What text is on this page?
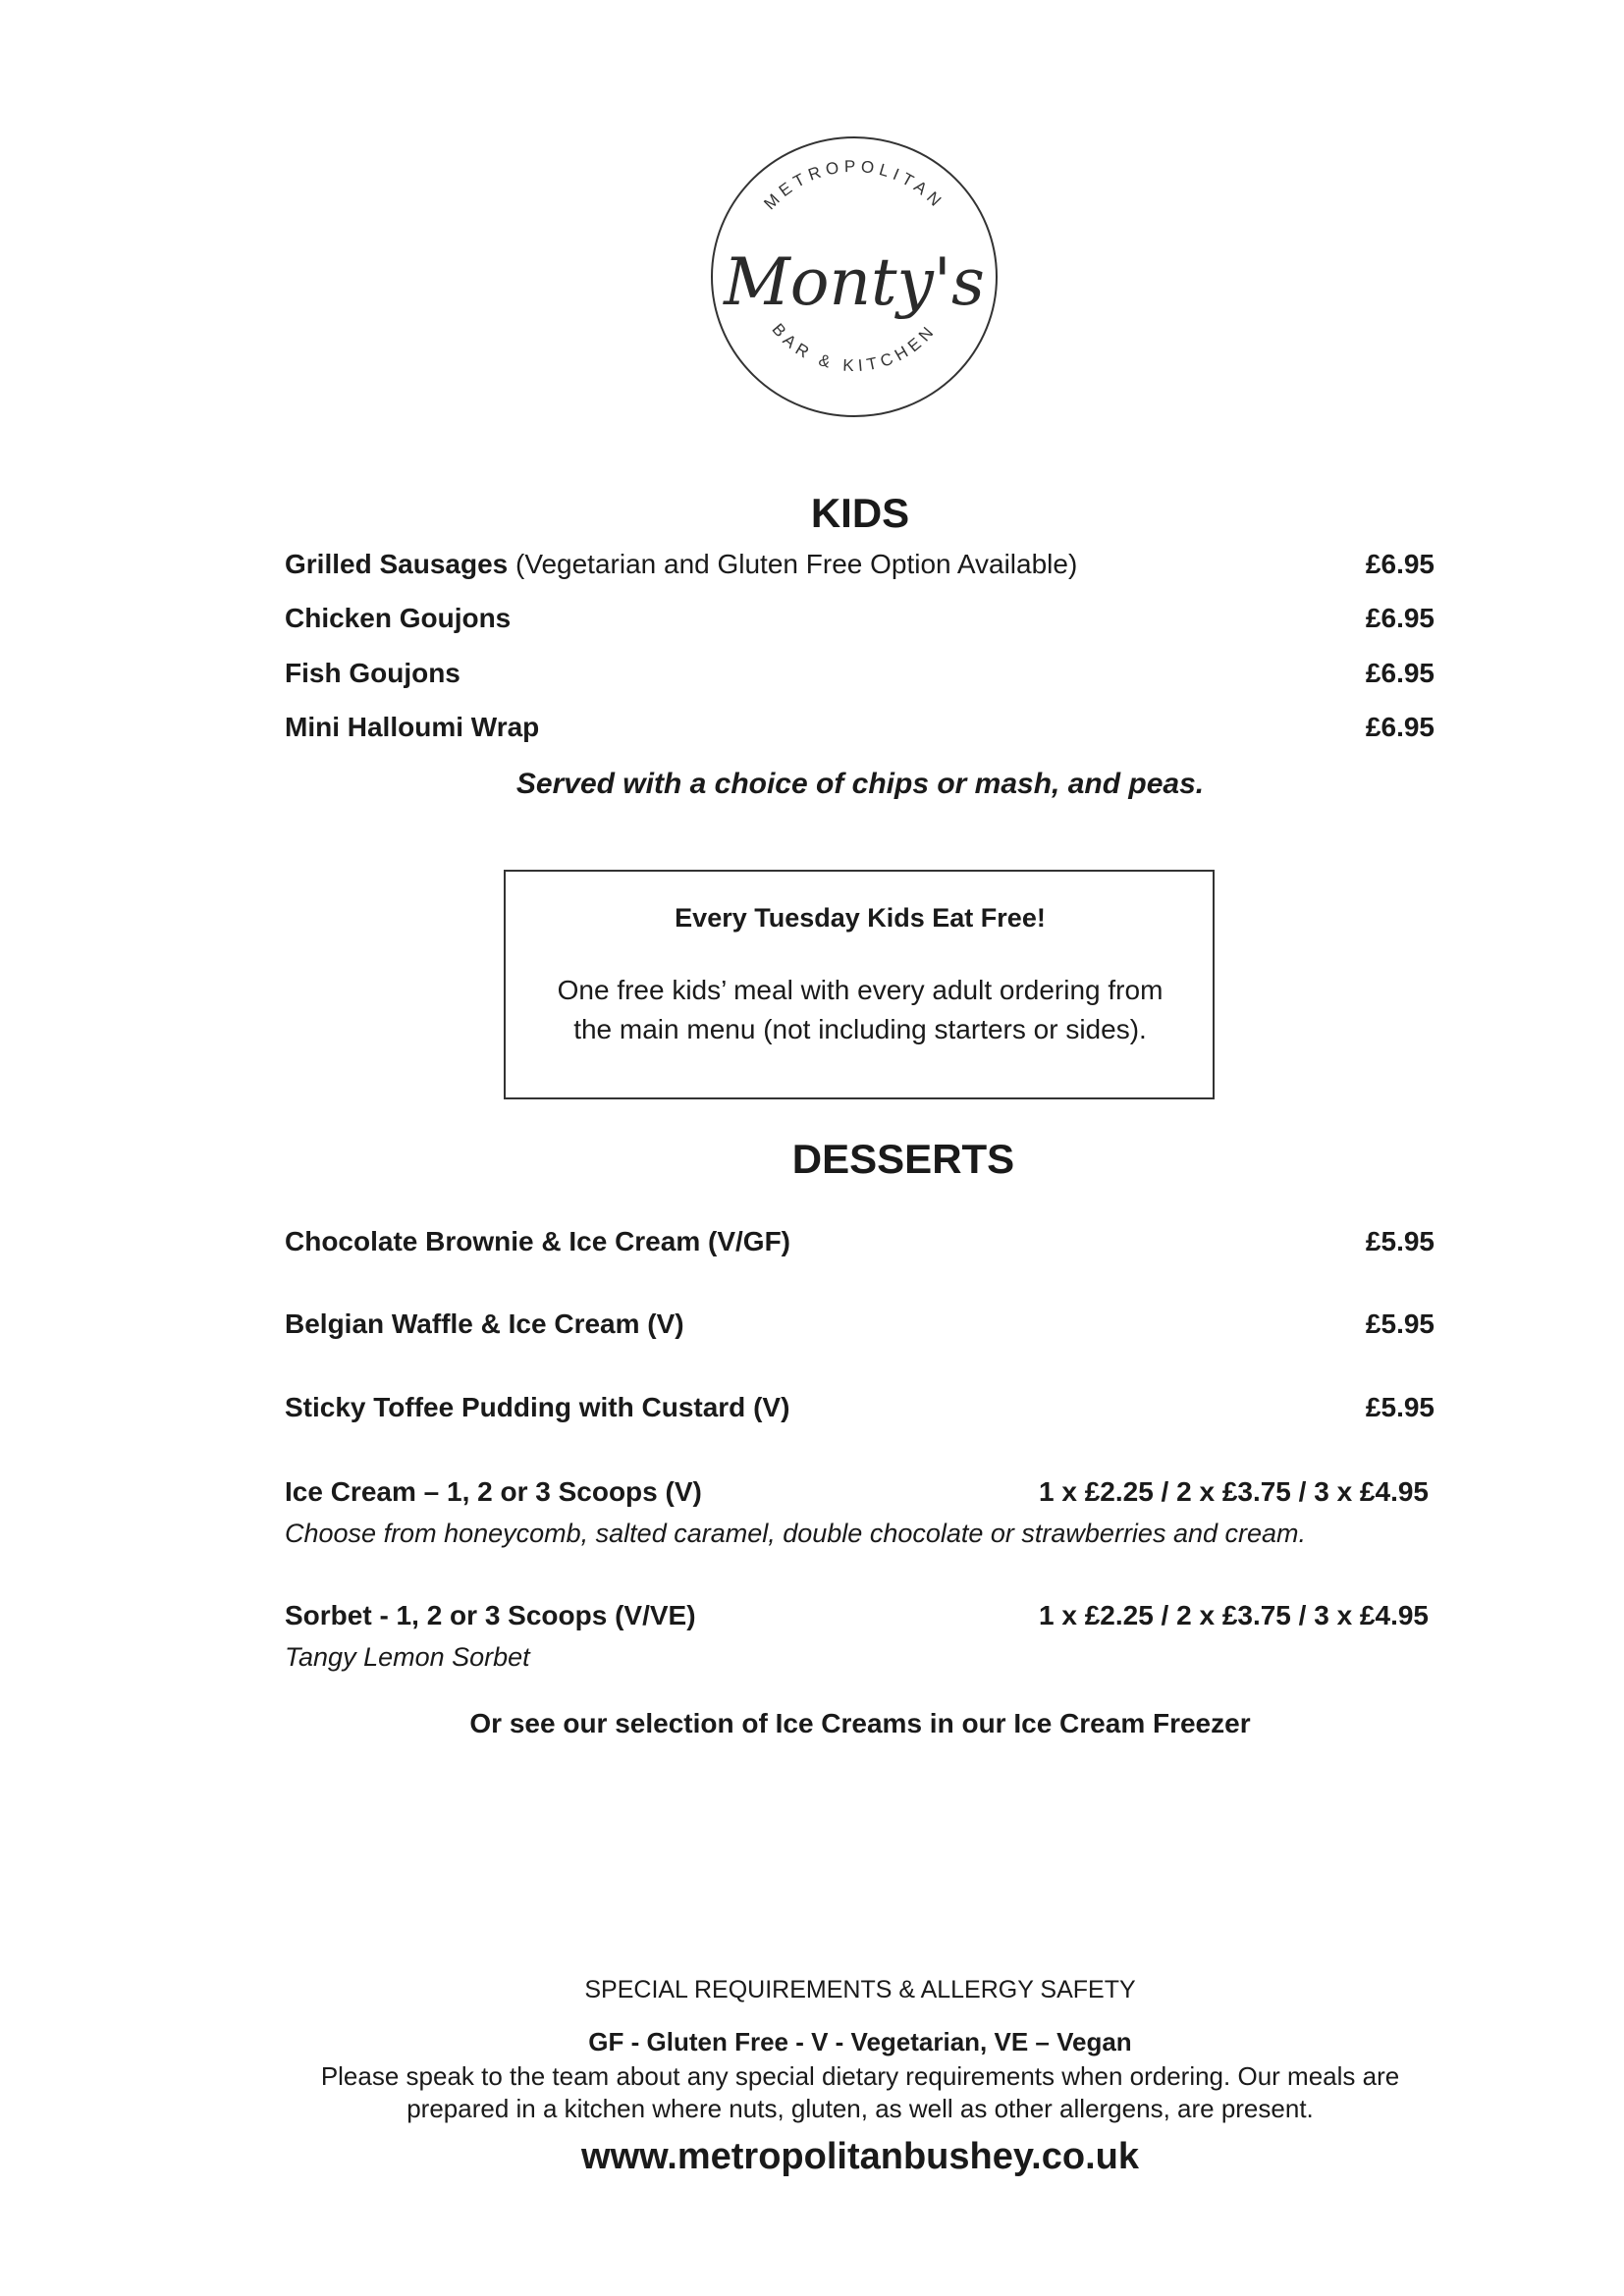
METROPOLITAN
BAR & KITCHEN
Monty's
KIDS
Grilled Sausages (Vegetarian and Gluten Free Option Available)	£6.95
Chicken Goujons	£6.95
Fish Goujons	£6.95
Mini Halloumi Wrap	£6.95
Served with a choice of chips or mash, and peas.
Every Tuesday Kids Eat Free!
One free kids’ meal with every adult ordering from
the main menu (not including starters or sides).
DESSERTS
Chocolate Brownie & Ice Cream (V/GF)	£5.95
Belgian Waffle & Ice Cream (V)	£5.95
Sticky Toffee Pudding with Custard (V)	£5.95
Ice Cream – 1, 2 or 3 Scoops (V)	1 x £2.25 / 2 x £3.75 / 3 x £4.95
Choose from honeycomb, salted caramel, double chocolate or strawberries and cream.
Sorbet - 1, 2 or 3 Scoops (V/VE)	1 x £2.25 / 2 x £3.75 / 3 x £4.95
Tangy Lemon Sorbet
Or see our selection of Ice Creams in our Ice Cream Freezer
SPECIAL REQUIREMENTS & ALLERGY SAFETY
GF - Gluten Free - V - Vegetarian, VE – Vegan
Please speak to the team about any special dietary requirements when ordering. Our meals are
prepared in a kitchen where nuts, gluten, as well as other allergens, are present.
www.metropolitanbushey.co.uk
